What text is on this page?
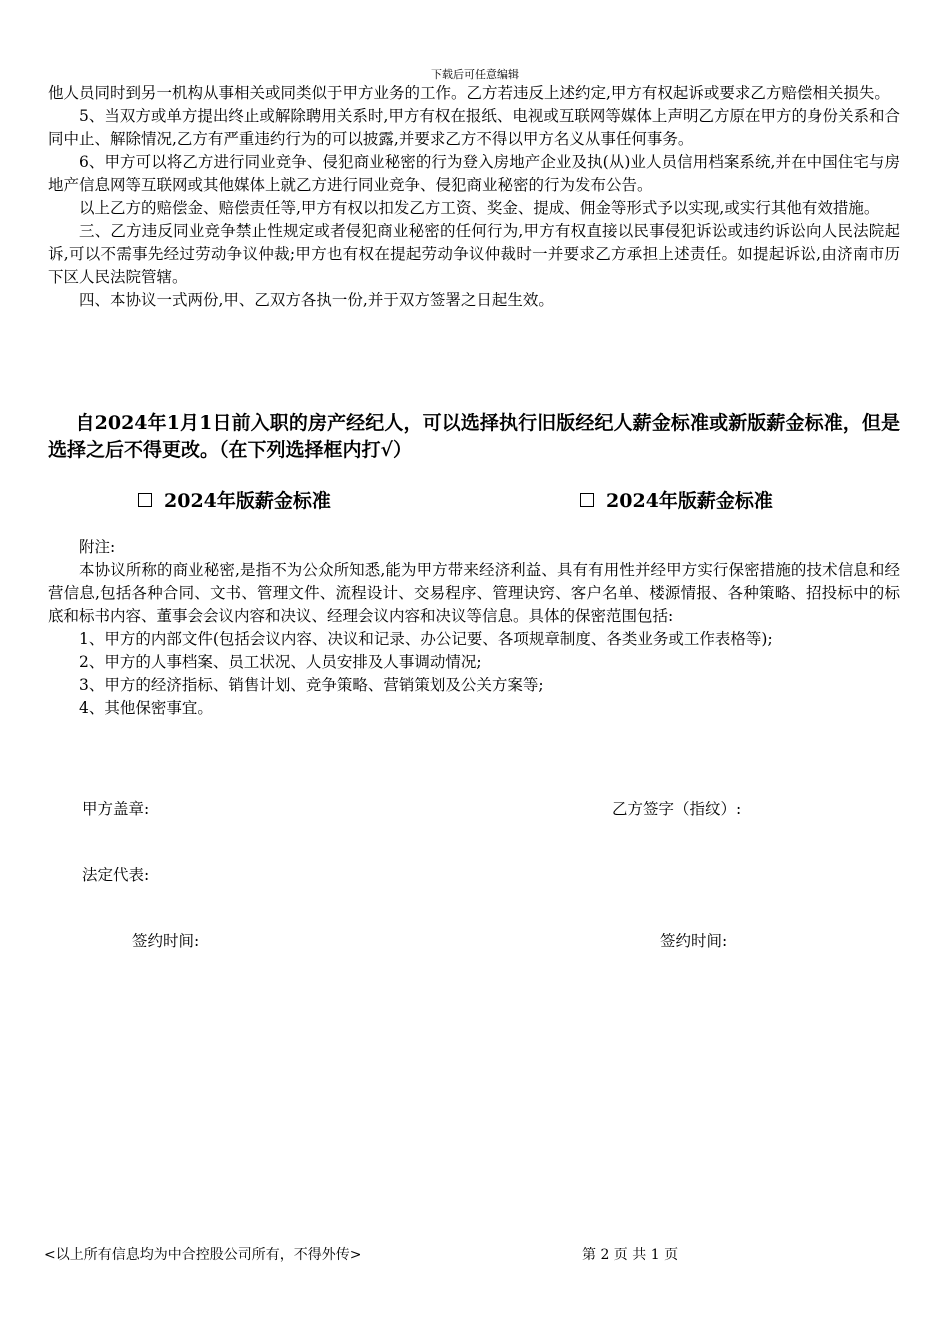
下载后可任意编辑

他人员同时到另一机构从事相关或同类似于甲方业务的工作。乙方若违反上述约定,甲方有权起诉或要求乙方赔偿相关损失。

5、当双方或单方提出终止或解除聘用关系时,甲方有权在报纸、电视或互联网等媒体上声明乙方原在甲方的身份关系和合同中止、解除情况,乙方有严重违约行为的可以披露,并要求乙方不得以甲方名义从事任何事务。

6、甲方可以将乙方进行同业竞争、侵犯商业秘密的行为登入房地产企业及执(从)业人员信用档案系统,并在中国住宅与房地产信息网等互联网或其他媒体上就乙方进行同业竞争、侵犯商业秘密的行为发布公告。

以上乙方的赔偿金、赔偿责任等,甲方有权以扣发乙方工资、奖金、提成、佣金等形式予以实现,或实行其他有效措施。

三、乙方违反同业竞争禁止性规定或者侵犯商业秘密的任何行为,甲方有权直接以民事侵犯诉讼或违约诉讼向人民法院起诉,可以不需事先经过劳动争议仲裁;甲方也有权在提起劳动争议仲裁时一并要求乙方承担上述责任。如提起诉讼,由济南市历下区人民法院管辖。

四、本协议一式两份,甲、乙双方各执一份,并于双方签署之日起生效。

自2024年1月1日前入职的房产经纪人，可以选择执行旧版经纪人薪金标准或新版薪金标准，但是选择之后不得更改。（在下列选择框内打√）
2024年版薪金标准	2024年版薪金标准

附注:

本协议所称的商业秘密,是指不为公众所知悉,能为甲方带来经济利益、具有有用性并经甲方实行保密措施的技术信息和经营信息,包括各种合同、文书、管理文件、流程设计、交易程序、管理诀窍、客户名单、楼源情报、各种策略、招投标中的标底和标书内容、董事会会议内容和决议、经理会议内容和决议等信息。具体的保密范围包括:

1、甲方的内部文件(包括会议内容、决议和记录、办公记要、各项规章制度、各类业务或工作表格等);

2、甲方的人事档案、员工状况、人员安排及人事调动情况;

3、甲方的经济指标、销售计划、竞争策略、营销策划及公关方案等;

4、其他保密事宜。

甲方盖章:	乙方签字（指纹）:
法定代表:
签约时间:	签约时间:
<以上所有信息均为中合控股公司所有，不得外传>	第 2 页 共 1 页
